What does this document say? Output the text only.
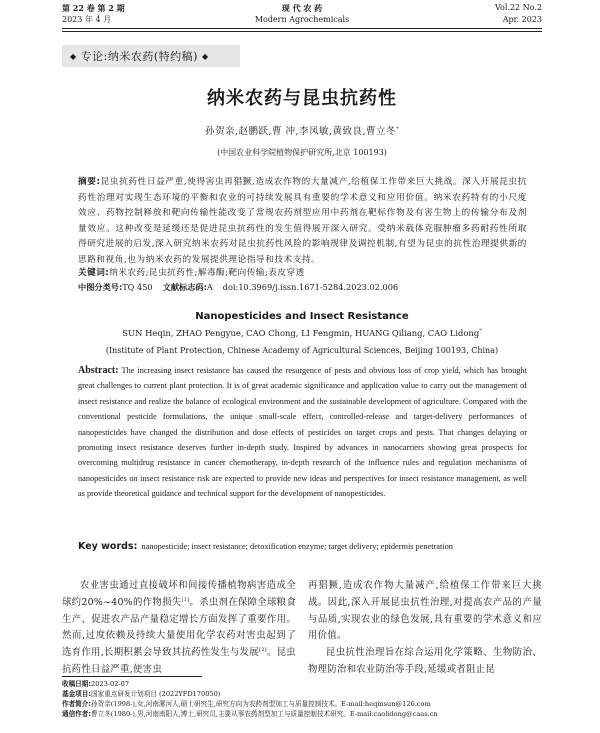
第 22 卷 第 2 期	现 代 农 药	Vol.22 No.2
2023 年 4 月	Modern Agrochemicals	Apr. 2023
◆ 专论:纳米农药(特约稿) ◆
纳米农药与昆虫抗药性
孙贺亲,赵鹏跃,曹 冲,李凤敏,黄致良,曹立冬*
(中国农业科学院植物保护研究所,北京 100193)
摘要:昆虫抗药性日益严重,使得害虫再猖獗,造成农作物的大量减产,给植保工作带来巨大挑战。深入开展昆虫抗药性治理对实现生态环境的平衡和农业的可持续发展具有重要的学术意义和应用价值。纳米农药特有的小尺度效应、药物控制释放和靶向传输性能改变了常规农药剂型应用中药剂在靶标作物及有害生物上的传输分布及剂量效应。这种改变是延缓还是促进昆虫抗药性的发生值得展开深入研究。受纳米载体克服肿瘤多药耐药性所取得研究进展的启发,深入研究纳米农药对昆虫抗药性风险的影响规律及调控机制,有望为昆虫的抗性治理提供新的思路和视角,也为纳米农药的发展提供理论指导和技术支持。
关键词:纳米农药;昆虫抗药性;解毒酶;靶向传输;表皮穿透
中图分类号:TQ 450 文献标志码:A doi:10.3969/j.issn.1671-5284.2023.02.006
Nanopesticides and Insect Resistance
SUN Heqin, ZHAO Pengyue, CAO Chong, LI Fengmin, HUANG Qiliang, CAO Lidong*
(Institute of Plant Protection, Chinese Academy of Agricultural Sciences, Beijing 100193, China)
Abstract: The increasing insect resistance has caused the resurgence of pests and obvious loss of crop yield, which has brought great challenges to current plant protection. It is of great academic significance and application value to carry out the management of insect resistance and realize the balance of ecological environment and the sustainable development of agriculture. Compared with the conventional pesticide formulations, the unique small-scale effect, controlled-release and target-delivery performances of nanopesticides have changed the distribution and dose effects of pesticides on target crops and pests. That changes delaying or promoting insect resistance deserves further in-depth study. Inspired by advances in nanocarriers showing great prospects for overcoming multidrug resistance in cancer chemotherapy, in-depth research of the influence rules and regulation mechanisms of nanopesticides on insect resistance risk are expected to provide new ideas and perspectives for insect resistance management, as well as provide theoretical guidance and technical support for the development of nanopesticides.
Key words: nanopesticide; insect resistance; detoxification enzyme; target delivery; epidermis penetration
农业害虫通过直接破坏和间接传播植物病害造成全球约20%~40%的作物损失[1]。杀虫剂在保障全球粮食生产、促进农产品产量稳定增长方面发挥了重要作用。然而,过度依赖及持续大量使用化学农药对害虫起到了选育作用,长期积累会导致其抗药性发生与发展[2]。昆虫抗药性日益严重,使害虫

再猖獗,造成农作物大量减产,给植保工作带来巨大挑战。因此,深入开展昆虫抗性治理,对提高农产品的产量与品质,实现农业的绿色发展,具有重要的学术意义和应用价值。

昆虫抗性治理旨在综合运用化学策略、生物防治、物理防治和农业防治等手段,延缓或者阻止昆

收稿日期:2023-02-07
基金项目:国家重点研发计划项目 (2022YFD170050)
作者简介:孙贺亲(1998-),女,河南漯河人,硕士研究生,研究方向为农药剂型加工与质量控制技术。E-mail:heqinsun@126.com
通信作者:曹立冬(1980-),男,河南南阳人,博士,研究员,主要从事农药剂型加工与质量控制技术研究。E-mail:caolidong@caas.cn
